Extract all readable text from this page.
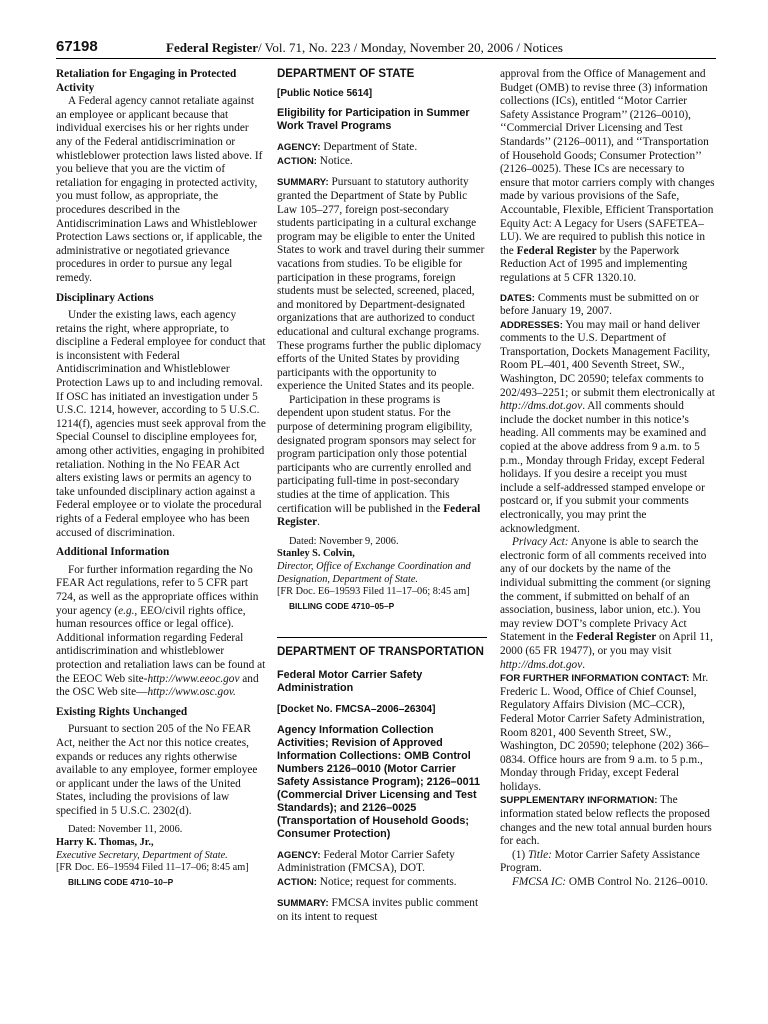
67198	Federal Register/ Vol. 71, No. 223 / Monday, November 20, 2006 / Notices
Retaliation for Engaging in Protected Activity

A Federal agency cannot retaliate against an employee or applicant because that individual exercises his or her rights under any of the Federal antidiscrimination or whistleblower protection laws listed above. If you believe that you are the victim of retaliation for engaging in protected activity, you must follow, as appropriate, the procedures described in the Antidiscrimination Laws and Whistleblower Protection Laws sections or, if applicable, the administrative or negotiated grievance procedures in order to pursue any legal remedy.

Disciplinary Actions

Under the existing laws, each agency retains the right, where appropriate, to discipline a Federal employee for conduct that is inconsistent with Federal Antidiscrimination and Whistleblower Protection Laws up to and including removal. If OSC has initiated an investigation under 5 U.S.C. 1214, however, according to 5 U.S.C. 1214(f), agencies must seek approval from the Special Counsel to discipline employees for, among other activities, engaging in prohibited retaliation. Nothing in the No FEAR Act alters existing laws or permits an agency to take unfounded disciplinary action against a Federal employee or to violate the procedural rights of a Federal employee who has been accused of discrimination.

Additional Information

For further information regarding the No FEAR Act regulations, refer to 5 CFR part 724, as well as the appropriate offices within your agency (e.g., EEO/civil rights office, human resources office or legal office). Additional information regarding Federal antidiscrimination and whistleblower protection and retaliation laws can be found at the EEOC Web site-http://www.eeoc.gov and the OSC Web site—http://www.osc.gov.

Existing Rights Unchanged

Pursuant to section 205 of the No FEAR Act, neither the Act nor this notice creates, expands or reduces any rights otherwise available to any employee, former employee or applicant under the laws of the United States, including the provisions of law specified in 5 U.S.C. 2302(d).

Dated: November 11, 2006.

Harry K. Thomas, Jr.,

Executive Secretary, Department of State.

[FR Doc. E6–19594 Filed 11–17–06; 8:45 am]

BILLING CODE 4710–10–P

DEPARTMENT OF STATE
[Public Notice 5614]
Eligibility for Participation in Summer Work Travel Programs

AGENCY: Department of State.

ACTION: Notice.

SUMMARY: Pursuant to statutory authority granted the Department of State by Public Law 105–277, foreign post-secondary students participating in a cultural exchange program may be eligible to enter the United States to work and travel during their summer vacations from studies. To be eligible for participation in these programs, foreign students must be selected, screened, placed, and monitored by Department-designated organizations that are authorized to conduct educational and cultural exchange programs. These programs further the public diplomacy efforts of the United States by providing participants with the opportunity to experience the United States and its people.

Participation in these programs is dependent upon student status. For the purpose of determining program eligibility, designated program sponsors may select for program participation only those potential participants who are currently enrolled and participating full-time in post-secondary studies at the time of application. This certification will be published in the Federal Register.

Dated: November 9, 2006.

Stanley S. Colvin,

Director, Office of Exchange Coordination and Designation, Department of State.

[FR Doc. E6–19593 Filed 11–17–06; 8:45 am]

BILLING CODE 4710–05–P

DEPARTMENT OF TRANSPORTATION
Federal Motor Carrier Safety Administration
[Docket No. FMCSA–2006–26304]
Agency Information Collection Activities; Revision of Approved Information Collections: OMB Control Numbers 2126–0010 (Motor Carrier Safety Assistance Program); 2126–0011 (Commercial Driver Licensing and Test Standards); and 2126–0025 (Transportation of Household Goods; Consumer Protection)

AGENCY: Federal Motor Carrier Safety Administration (FMCSA), DOT.

ACTION: Notice; request for comments.

SUMMARY: FMCSA invites public comment on its intent to request

approval from the Office of Management and Budget (OMB) to revise three (3) information collections (ICs), entitled ‘‘Motor Carrier Safety Assistance Program’’ (2126–0010), ‘‘Commercial Driver Licensing and Test Standards’’ (2126–0011), and ‘‘Transportation of Household Goods; Consumer Protection’’ (2126–0025). These ICs are necessary to ensure that motor carriers comply with changes made by various provisions of the Safe, Accountable, Flexible, Efficient Transportation Equity Act: A Legacy for Users (SAFETEA–LU). We are required to publish this notice in the Federal Register by the Paperwork Reduction Act of 1995 and implementing regulations at 5 CFR 1320.10.

DATES: Comments must be submitted on or before January 19, 2007.

ADDRESSES: You may mail or hand deliver comments to the U.S. Department of Transportation, Dockets Management Facility, Room PL–401, 400 Seventh Street, SW., Washington, DC 20590; telefax comments to 202/493–2251; or submit them electronically at http://dms.dot.gov. All comments should include the docket number in this notice’s heading. All comments may be examined and copied at the above address from 9 a.m. to 5 p.m., Monday through Friday, except Federal holidays. If you desire a receipt you must include a self-addressed stamped envelope or postcard or, if you submit your comments electronically, you may print the acknowledgment.

Privacy Act: Anyone is able to search the electronic form of all comments received into any of our dockets by the name of the individual submitting the comment (or signing the comment, if submitted on behalf of an association, business, labor union, etc.). You may review DOT’s complete Privacy Act Statement in the Federal Register on April 11, 2000 (65 FR 19477), or you may visit http://dms.dot.gov.

FOR FURTHER INFORMATION CONTACT: Mr. Frederic L. Wood, Office of Chief Counsel, Regulatory Affairs Division (MC–CCR), Federal Motor Carrier Safety Administration, Room 8201, 400 Seventh Street, SW., Washington, DC 20590; telephone (202) 366–0834. Office hours are from 9 a.m. to 5 p.m., Monday through Friday, except Federal holidays.

SUPPLEMENTARY INFORMATION: The information stated below reflects the proposed changes and the new total annual burden hours for each.

(1) Title: Motor Carrier Safety Assistance Program.

FMCSA IC: OMB Control No. 2126–0010.
